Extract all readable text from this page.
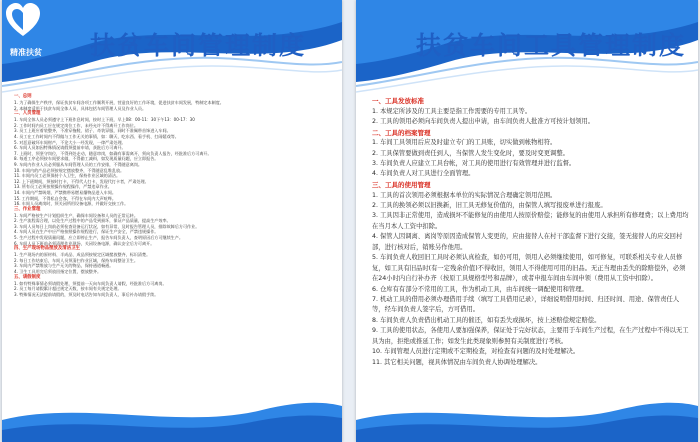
精准扶贫 扶贫车间管理制度
一、总则

1. 为了确保生产秩序，保证扶贫车间各项工作顺利开展，营造良好的工作环境，促进扶贫车间发展，特制定本制度。

2. 本制度适用于扶贫车间全体人员，具体包括车间管理人员及作业人员。

二、人员管理

1. 车间全体人员必须遵守上下班作息时间，按时上下班，早上08：00-11：30下午13：00-17：30

2. 工作时间内员工应在规定岗位工作，未经允许不得离开工作岗位。

3. 员工上班应着装整齐，不准穿拖鞋、裙子、奇装异服，同时不准佩带首饰进入车间。

4. 员工在工作时间内不得做与工作无关的事情，如：聊天、吃东西、看手机、打闹嬉戏等。

5. 对恶意破坏车间财产，不论大小一经发现，一律严肃处理。

6. 车间人员如因特殊情况请假须提前申请，获批后方可离开。

7. 上班时，须坚守岗位，不得到处走动，随意串岗，如确有事需离开，须向负责人报告，经批准后方可离开。

8. 每道工序必须按车间要求做，不得偷工减料，如发现质量问题，应立即报告。

9. 车间内作业人员必须服从车间管理人员的工作安排，不得随意离岗。

10. 车间内的产品必须按规定摆放整齐，不得随意乱堆乱放。

11. 车间内员工必须保持个人卫生，保持作业区域的清洁。

12. 上下班期间，须按时打卡，不得代人打卡，发现代打卡者，严肃处理。

13. 所有员工必须按照操作规程操作，严禁违章作业。

14. 车间内严禁吸烟，严禁携带易燃易爆物品进入车间。

15. 工作期间，不得私自会客，不得在车间内大声喧哗。

16. 车间人员离岗时，须关闭所用设备电源，并做好交接工作。

三、作业管理

1. 车间严格按生产计划组织生产，确保车间设备和人员的正常运转。

2. 生产流程需合理，以免生产过程中的产品受到损坏，保证产品质量，提高生产效率。

3. 车间人员每日上岗前必须检查设备运行状况，如有异常，及时报告管理人员，排除故障后方可作业。

4. 车间人员在生产中应严格按照操作规程进行，保证生产安全，严禁违规操作。

5. 生产过程中发现质量问题，应立即停止生产，报告车间负责人，查明原因后方可继续生产。

6. 车间人员下班前必须清理作业现场，关闭设备电源，确认安全后方可离开。

四、生产现场物品摆放及清洁卫生

1. 生产现场内的原材料、半成品、成品须按规定区域摆放整齐，标识清楚。

2. 每日工作结束后，车间人员须清扫作业区域，保持车间整洁卫生。

3. 车间内严禁堆放与生产无关的物品，保持通道畅通。

4. 卫生工具用完后须放回指定位置，摆放整齐。

五、请假制度

1. 如有特殊事情必须请假处理，须提前一天向车间负责人请假，经批准后方可离岗。

2. 员工每月请假累计超过规定天数，按车间有关规定处理。

3. 特殊情况无法提前请假的，须及时电话告知车间负责人，事后补办请假手续。

扶贫车间工具管理制度
一、工具发放标准

1. 本规定所涉及的工具主要是指工作需要的专用工具等。

2. 工具的领用必须向车间负责人提出申请，由车间负责人批准方可按计划领用。

二、工具的档案管理

1. 车间工具领用后应及时建立专门的工具账，切实做到帐物相符。

2. 工具保管要做到责任到人，当保管人发生变化时，要及时变更调整。

3. 车间负责人应建立工具台帐，对工具的使用进行有效管理并进行监督。

4. 车间负责人对工具进行全面管理。

三、工具的使用管理

1. 工具的首次领用必须根据本单位的实际情况合理确定领用范围。

2. 工具的换领必须以旧换新，旧工具无修复价值的，由保管人填写报废单进行报废。

3. 工具因非正常使用，造成损坏不能修复的由使用人按原价赔偿；能修复的由使用人承担所有修理费；以上费用均在当月本人工资中扣除。

4. 保管人因调离、离岗等原因造成保管人变更的，应由接替人在村干部监督下进行交接，签无接替人的应交回村部，进行核对后，销账另作他用。

5. 车间负责人收回旧工具时必须认真检查，如仍可用，领用人必须继续使用，如可修复，可联系相关专业人员修复，如工具有旧品时(有一定残余价值)不得收旧，领用人不得使用可用的旧品。无正当理由丢失的除赔偿外，必须在24小时内自行补办齐（按原工具规格型号和品牌），或者申报车间由车间申领（费用从工资中扣除）。

6. 仓库有有部分不常用的工具，作为机动工具，由车间统一调配使用和管理。

7. 机动工具的借用必须办理借用手续（填写工具借用记录），详细说明借用时间、归还时间、用途、保管责任人等，经车间负责人签字后，方可借用。

8. 车间负责人负责借出机动工具的催还，如有丢失或损坏，按上述赔偿规定赔偿。

9. 工具的使用状态，各使用人要加强保养，保证处于完好状态，主要用于车间生产过程，在生产过程中不得以无工具为由，拒绝或推延工作；如发生此类现象则参照有关制度进行考核。

10. 车间管理人员进行定期或不定期检查，对检查有问题的及时处理解决。

11. 其它相关问题，视具体情况由车间负责人协调处理解决。
